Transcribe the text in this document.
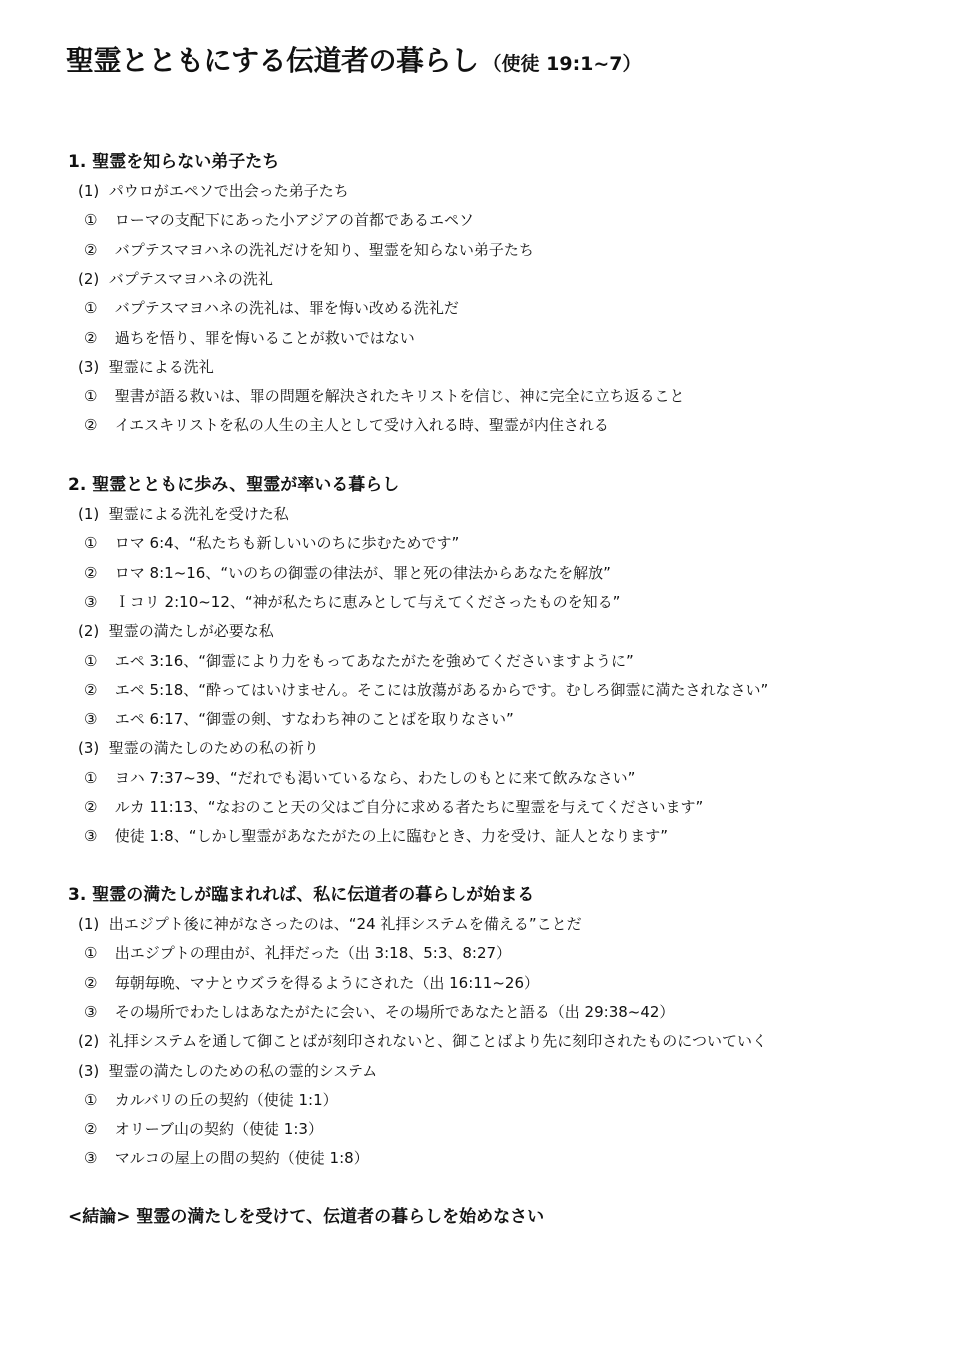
聖霊とともにする伝道者の暮らし （使徒 19:1~7）
1. 聖霊を知らない弟子たち

(1) パウロがエペソで出会った弟子たち

① ローマの支配下にあった小アジアの首都であるエペソ

② バプテスマヨハネの洗礼だけを知り、聖霊を知らない弟子たち

(2) バプテスマヨハネの洗礼

① バプテスマヨハネの洗礼は、罪を悔い改める洗礼だ

② 過ちを悟り、罪を悔いることが救いではない

(3) 聖霊による洗礼

① 聖書が語る救いは、罪の問題を解決されたキリストを信じ、神に完全に立ち返ること

② イエスキリストを私の人生の主人として受け入れる時、聖霊が内住される

2. 聖霊とともに歩み、聖霊が率いる暮らし

(1) 聖霊による洗礼を受けた私

① ロマ 6:4、“私たちも新しいいのちに歩むためです”

② ロマ 8:1~16、“いのちの御霊の律法が、罪と死の律法からあなたを解放”

③ Ｉコリ 2:10~12、“神が私たちに恵みとして与えてくださったものを知る”

(2) 聖霊の満たしが必要な私

① エペ 3:16、“御霊により力をもってあなたがたを強めてくださいますように”

② エペ 5:18、“酔ってはいけません。そこには放蕩があるからです。むしろ御霊に満たされなさい”

③ エペ 6:17、“御霊の剣、すなわち神のことばを取りなさい”

(3) 聖霊の満たしのための私の祈り

① ヨハ 7:37~39、“だれでも渇いているなら、わたしのもとに来て飲みなさい”

② ルカ 11:13、“なおのこと天の父はご自分に求める者たちに聖霊を与えてくださいます”

③ 使徒 1:8、“しかし聖霊があなたがたの上に臨むとき、力を受け、証人となります”

3. 聖霊の満たしが臨まれれば、私に伝道者の暮らしが始まる

(1) 出エジプト後に神がなさったのは、“24 礼拝システムを備える”ことだ

① 出エジプトの理由が、礼拝だった（出 3:18、5:3、8:27）

② 毎朝毎晩、マナとウズラを得るようにされた（出 16:11~26）

③ その場所でわたしはあなたがたに会い、その場所であなたと語る（出 29:38~42）

(2) 礼拝システムを通して御ことばが刻印されないと、御ことばより先に刻印されたものについていく

(3) 聖霊の満たしのための私の霊的システム

① カルバリの丘の契約（使徒 1:1）

② オリーブ山の契約（使徒 1:3）

③ マルコの屋上の間の契約（使徒 1:8）

<結論> 聖霊の満たしを受けて、伝道者の暮らしを始めなさい
